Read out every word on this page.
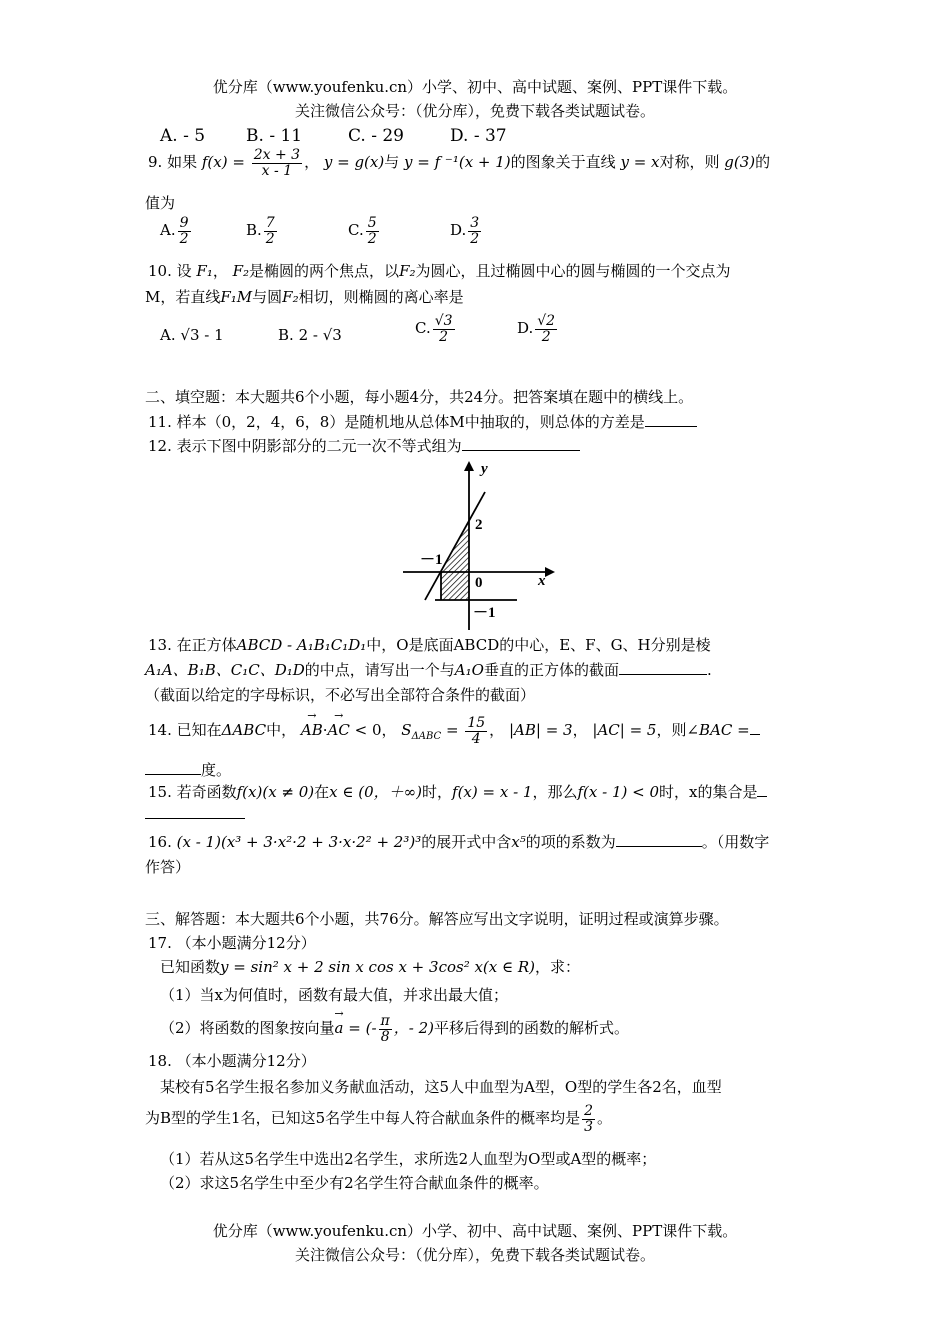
优分库（www.youfenku.cn）小学、初中、高中试题、案例、PPT课件下载。
关注微信公众号：（优分库），免费下载各类试题试卷。
A. - 5 B. - 11	C. - 29	D. - 37
9. 如果 $f(x) = \frac{2x + 3}{x - 1}$ ， y = g(x)与 y = f ⁻¹(x + 1)的图象关于直线 y = x对称，则 g(3)的
值为
A. $\frac{9}{2}$	B. $\frac{7}{2}$	C. $\frac{5}{2}$	D. $\frac{3}{2}$
10. 设 F₁， F₂是椭圆的两个焦点，以F₂为圆心，且过椭圆中心的圆与椭圆的一个交点为
M，若直线F₁M与圆F₂相切，则椭圆的离心率是
A. √3 - 1	B. 2 - √3	C. $\frac{√3}{2}$	D. $\frac{√2}{2}$
二、填空题：本大题共6个小题，每小题4分，共24分。把答案填在题中的横线上。
11. 样本（0，2，4，6，8）是随机地从总体M中抽取的，则总体的方差是
12. 表示下图中阴影部分的二元一次不等式组为
y
x
2
－1
0
－1
13. 在正方体ABCD - A₁B₁C₁D₁中，O是底面ABCD的中心，E、F、G、H分别是棱
A₁A、B₁B、C₁C、D₁D的中点，请写出一个与A₁O垂直的正方体的截面	.
（截面以给定的字母标识，不必写出全部符合条件的截面）
14. 已知在ΔABC中， → AB·→ AC < 0， $S_{\Delta ABC} = \frac{15}{4}$ ， |AB| = 3， |AC| = 5，则∠BAC =
度。
15. 若奇函数f(x)(x ≠ 0)在x ∈ (0，＋∞)时，f(x) = x - 1，那么f(x - 1) < 0时，x的集合是
16. (x - 1)(x³ + 3·x²·2 + 3·x·2² + 2³)³的展开式中含x⁵的项的系数为	。（用数字
作答）
三、解答题：本大题共6个小题，共76分。解答应写出文字说明，证明过程或演算步骤。
17. （本小题满分12分）
已知函数y = sin² x + 2 sin x cos x + 3cos² x(x ∈ R)，求：
（1）当x为何值时，函数有最大值，并求出最大值；
（2）将函数的图象按向量→ a = (- $\frac{\pi}{8}$ ，- 2)平移后得到的函数的解析式。
18. （本小题满分12分）
某校有5名学生报名参加义务献血活动，这5人中血型为A型，O型的学生各2名，血型
为B型的学生1名，已知这5名学生中每人符合献血条件的概率均是 $\frac{2}{3}$ 。
（1）若从这5名学生中选出2名学生，求所选2人血型为O型或A型的概率；
（2）求这5名学生中至少有2名学生符合献血条件的概率。
优分库（www.youfenku.cn）小学、初中、高中试题、案例、PPT课件下载。
关注微信公众号：（优分库），免费下载各类试题试卷。
